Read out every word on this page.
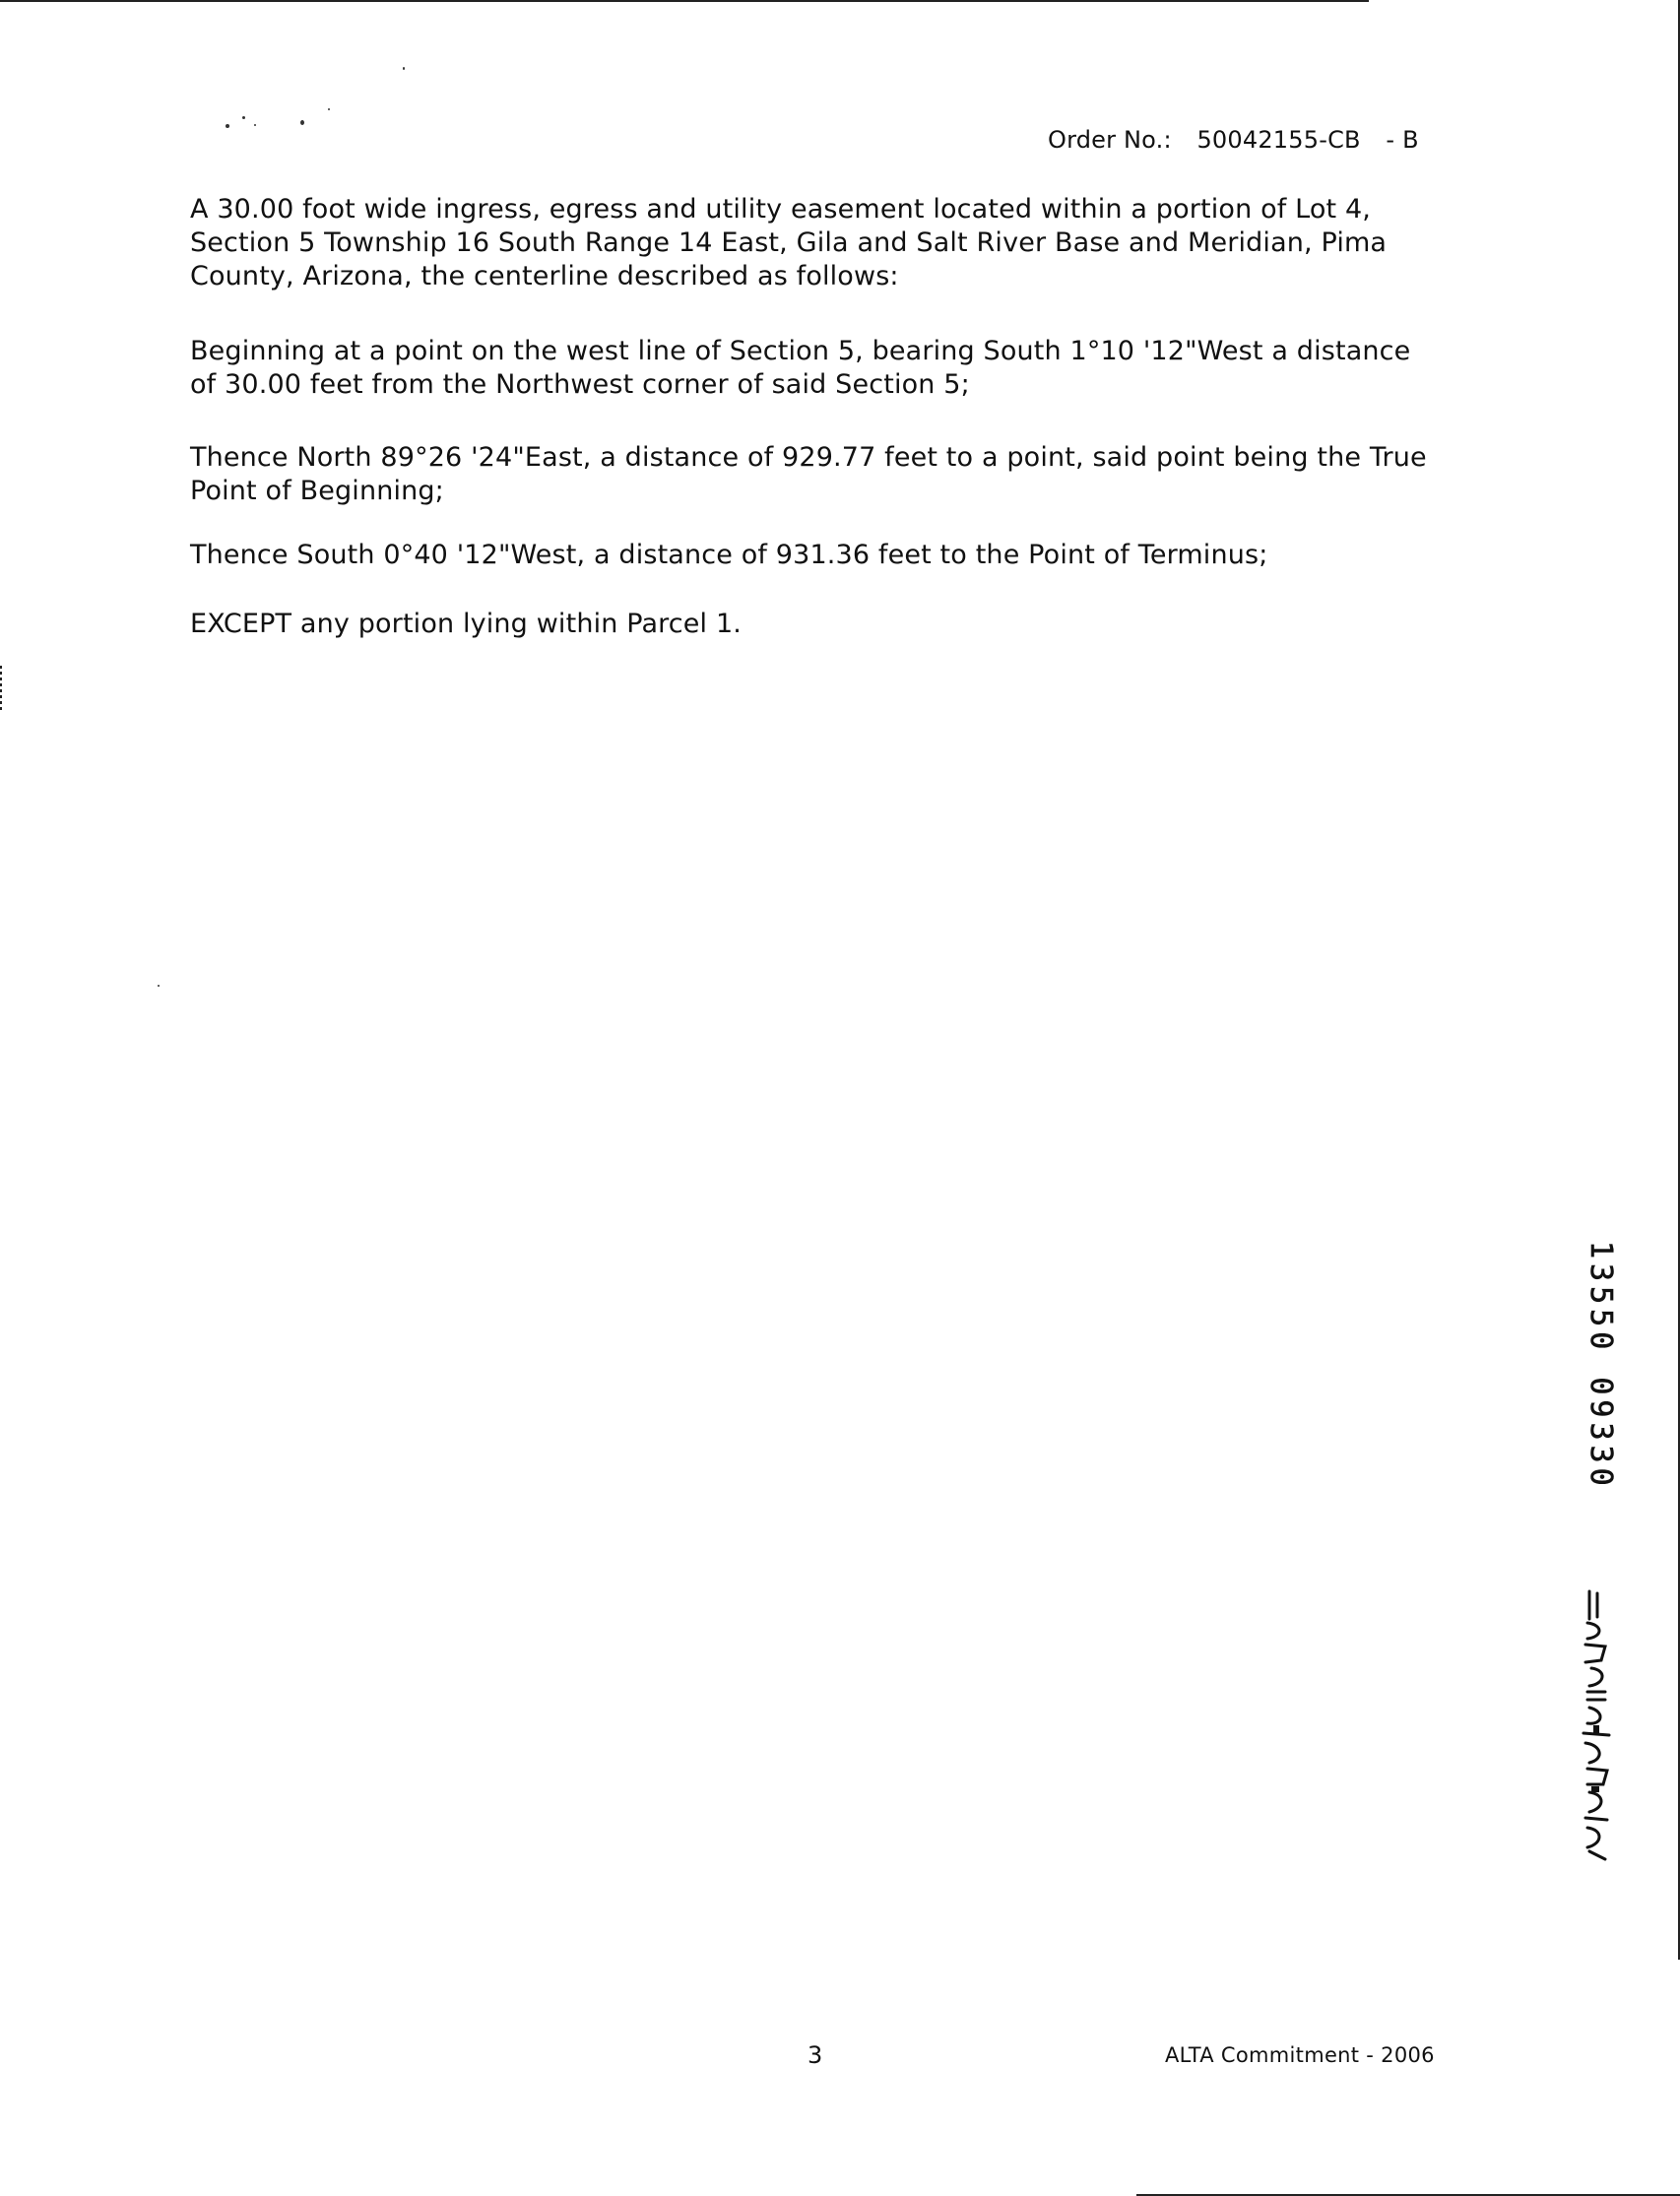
Order No.: 50042155-CB - B

A 30.00 foot wide ingress, egress and utility easement located within a portion of Lot 4, Section 5 Township 16 South Range 14 East, Gila and Salt River Base and Meridian, Pima County, Arizona, the centerline described as follows:

Beginning at a point on the west line of Section 5, bearing South 1°10 '12"West a distance of 30.00 feet from the Northwest corner of said Section 5;

Thence North 89°26 '24"East, a distance of 929.77 feet to a point, said point being the True Point of Beginning;

Thence South 0°40 '12"West, a distance of 931.36 feet to the Point of Terminus;

EXCEPT any portion lying within Parcel 1.

13550 09330
3	ALTA Commitment - 2006
